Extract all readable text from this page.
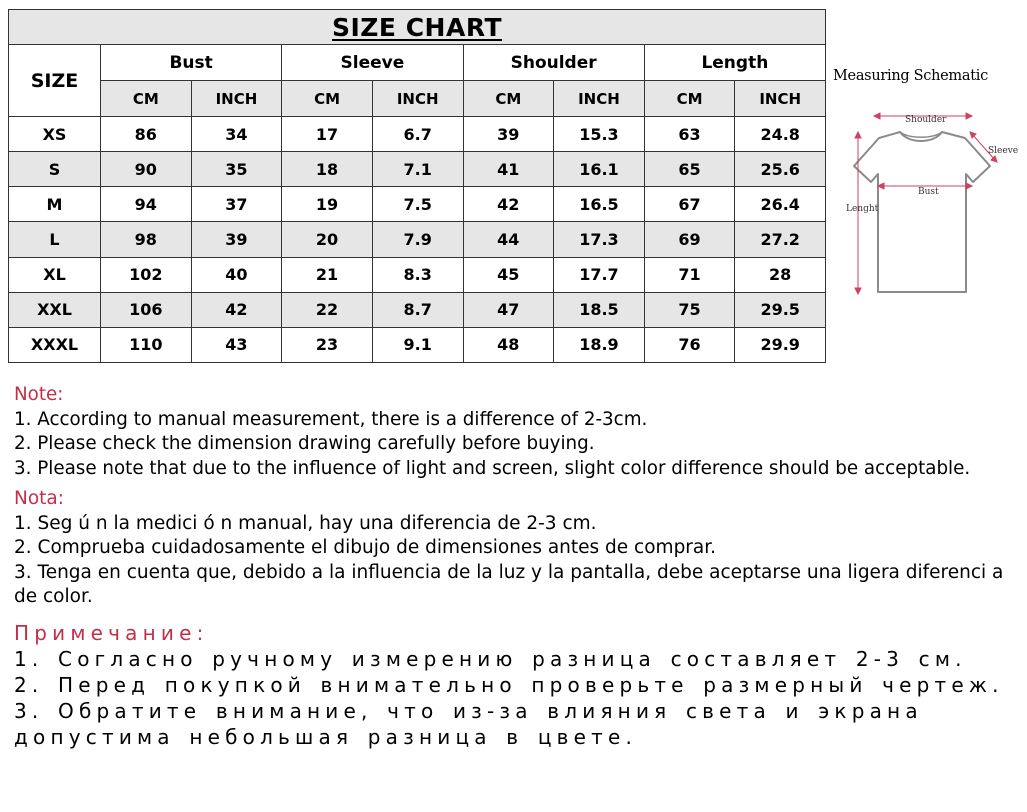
SIZE CHART								
SIZE	Bust		Sleeve		Shoulder		Length	
	CM	INCH	CM	INCH	CM	INCH	CM	INCH
XS	86	34	17	6.7	39	15.3	63	24.8
S	90	35	18	7.1	41	16.1	65	25.6
M	94	37	19	7.5	42	16.5	67	26.4
L	98	39	20	7.9	44	17.3	69	27.2
XL	102	40	21	8.3	45	17.7	71	28
XXL	106	42	22	8.7	47	18.5	75	29.5
XXXL	110	43	23	9.1	48	18.9	76	29.9
Measuring Schematic
Shoulder
Sleeve
Bust
Lenght
Note:
1. According to manual measurement, there is a difference of 2-3cm.
2. Please check the dimension drawing carefully before buying.
3. Please note that due to the influence of light and screen, slight color difference should be acceptable.
Nota:
1. Seg ú n la medici ó n manual, hay una diferencia de 2-3 cm.
2. Comprueba cuidadosamente el dibujo de dimensiones antes de comprar.
3. Tenga en cuenta que, debido a la influencia de la luz y la pantalla, debe aceptarse una ligera diferenci a de color.
Примечание:
1. Согласно ручному измерению разница составляет 2-3 см.
2. Перед покупкой внимательно проверьте размерный чертеж.
3. Обратите внимание, что из-за влияния света и экрана допустима небольшая разница в цвете.
